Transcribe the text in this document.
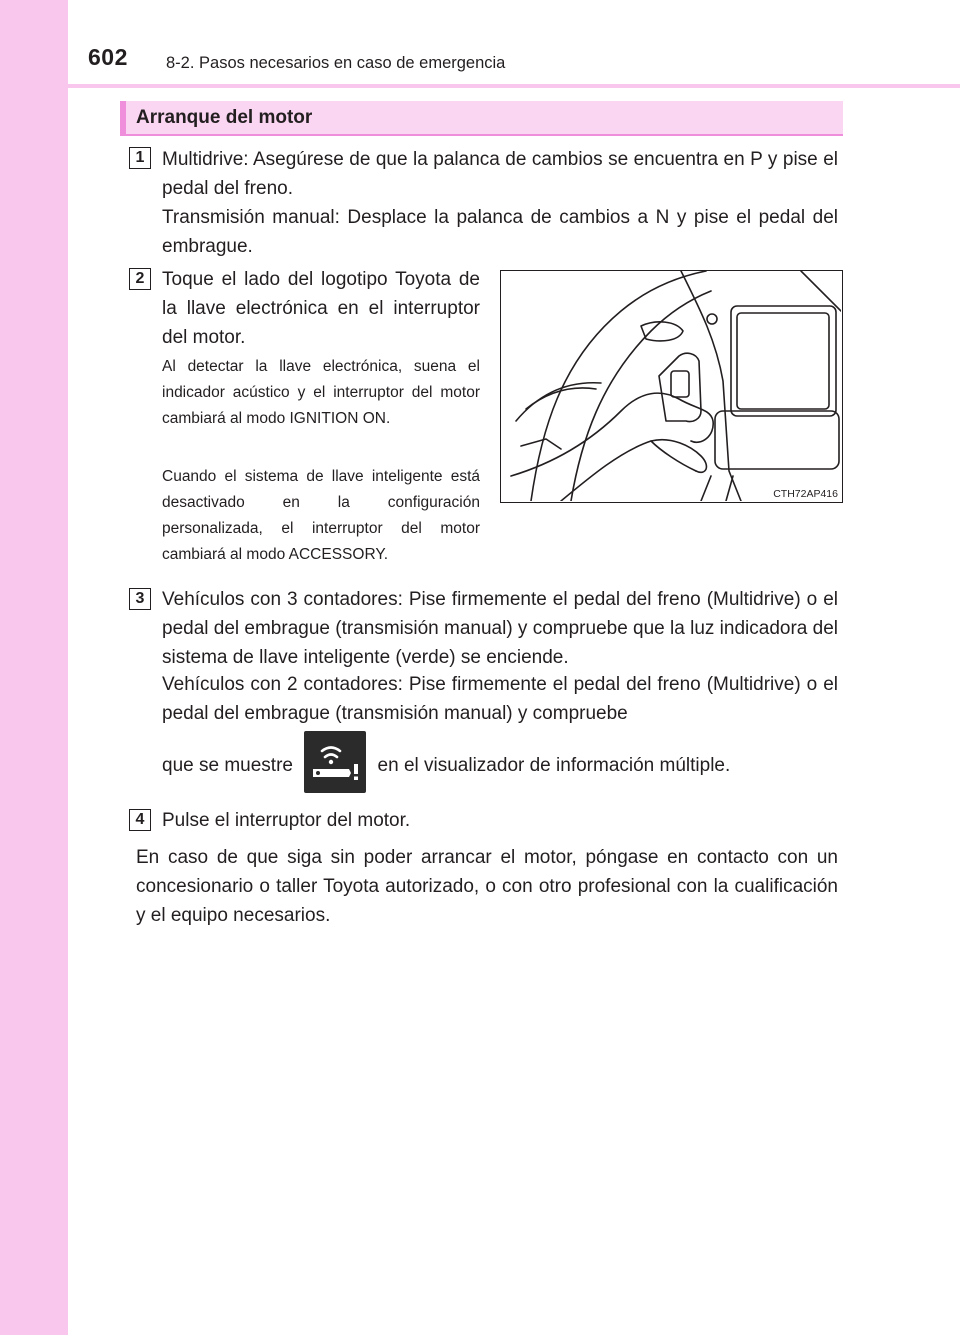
602 8-2. Pasos necesarios en caso de emergencia
Arranque del motor
1 Multidrive: Asegúrese de que la palanca de cambios se encuentra en P y pise el pedal del freno.

Transmisión manual: Desplace la palanca de cambios a N y pise el pedal del embrague.

2 Toque el lado del logotipo Toyota de la llave electrónica en el interruptor del motor.

Al detectar la llave electrónica, suena el indicador acústico y el interruptor del motor cambiará al modo IGNITION ON.

Cuando el sistema de llave inteligente está desactivado en la configuración personalizada, el interruptor del motor cambiará al modo ACCESSORY.

CTH72AP416
3 Vehículos con 3 contadores: Pise firmemente el pedal del freno (Multidrive) o el pedal del embrague (transmisión manual) y compruebe que la luz indicadora del sistema de llave inteligente (verde) se enciende.

Vehículos con 2 contadores: Pise firmemente el pedal del freno (Multidrive) o el pedal del embrague (transmisión manual) y compruebe

que se muestre	en el visualizador de información múltiple.
4 Pulse el interruptor del motor.

En caso de que siga sin poder arrancar el motor, póngase en contacto con un concesionario o taller Toyota autorizado, o con otro profesional con la cualificación y el equipo necesarios.
